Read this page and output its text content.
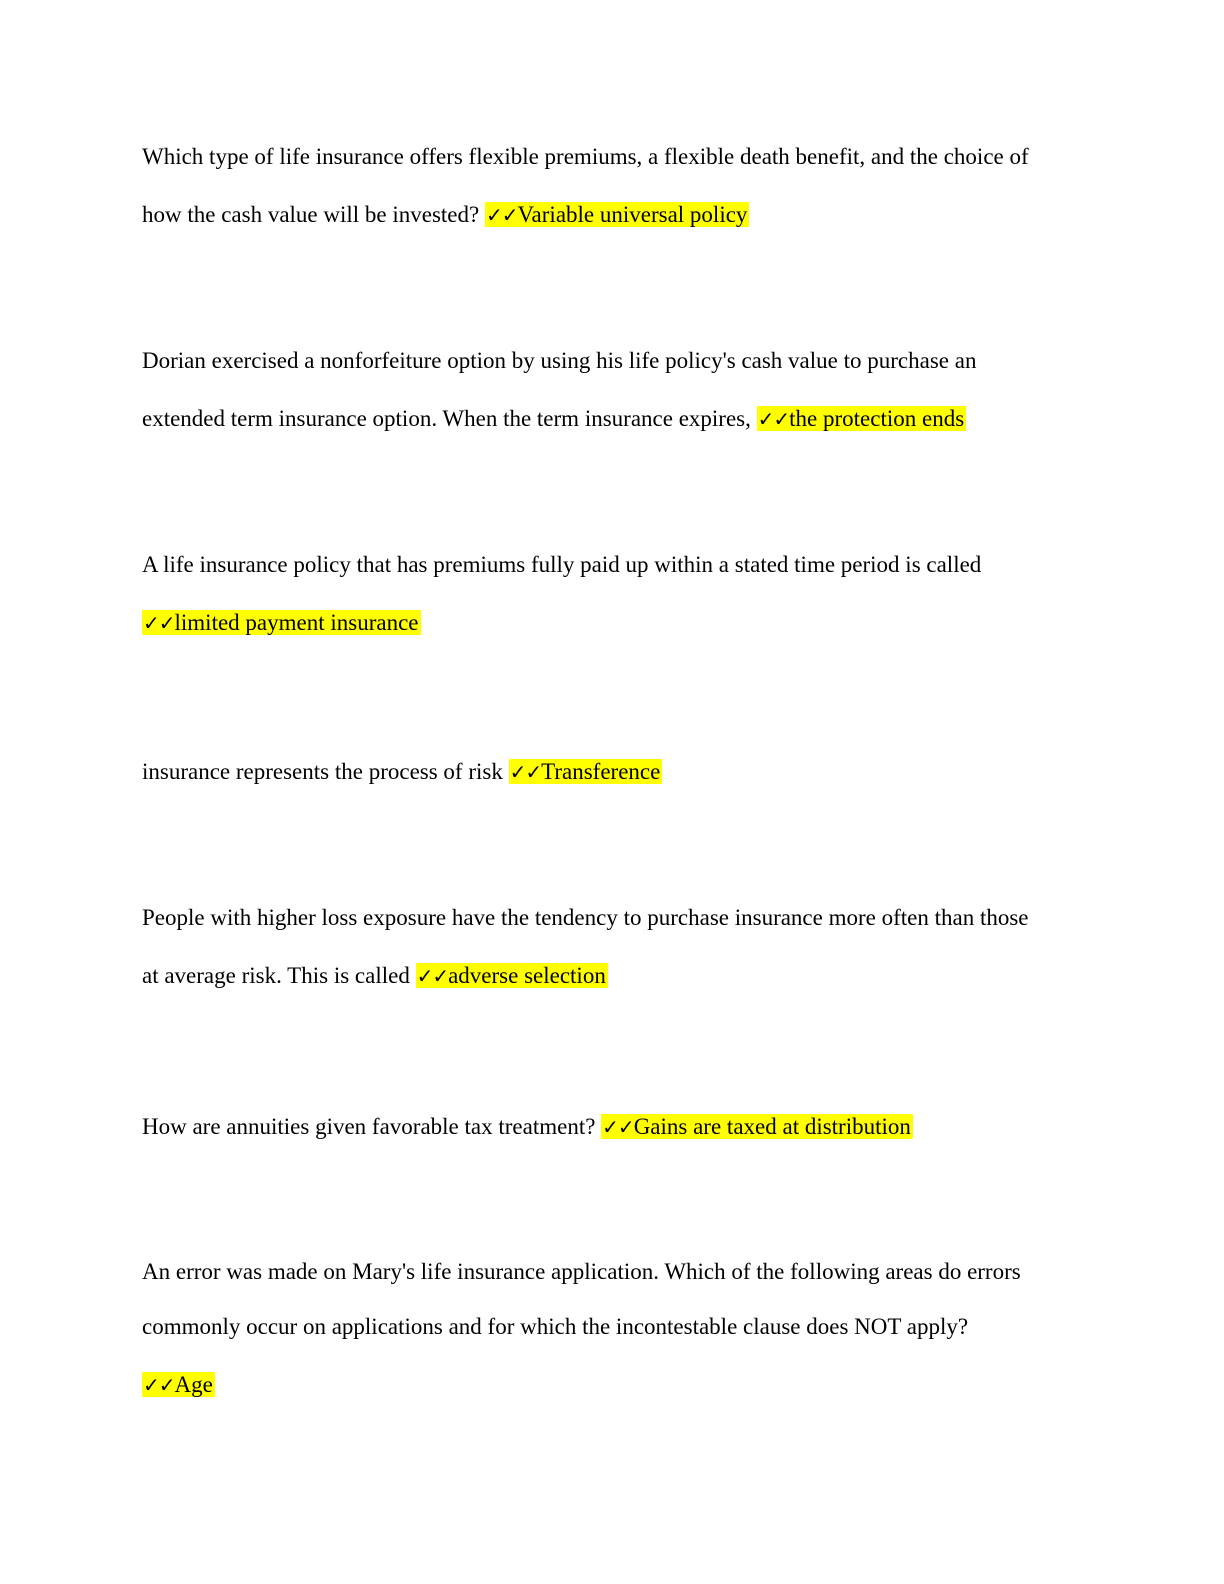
Which type of life insurance offers flexible premiums, a flexible death benefit, and the choice of

how the cash value will be invested? ✓✓Variable universal policy

Dorian exercised a nonforfeiture option by using his life policy's cash value to purchase an

extended term insurance option. When the term insurance expires, ✓✓the protection ends

A life insurance policy that has premiums fully paid up within a stated time period is called

✓✓limited payment insurance

insurance represents the process of risk ✓✓Transference

People with higher loss exposure have the tendency to purchase insurance more often than those

at average risk. This is called ✓✓adverse selection

How are annuities given favorable tax treatment? ✓✓Gains are taxed at distribution

An error was made on Mary's life insurance application. Which of the following areas do errors

commonly occur on applications and for which the incontestable clause does NOT apply?

✓✓Age
